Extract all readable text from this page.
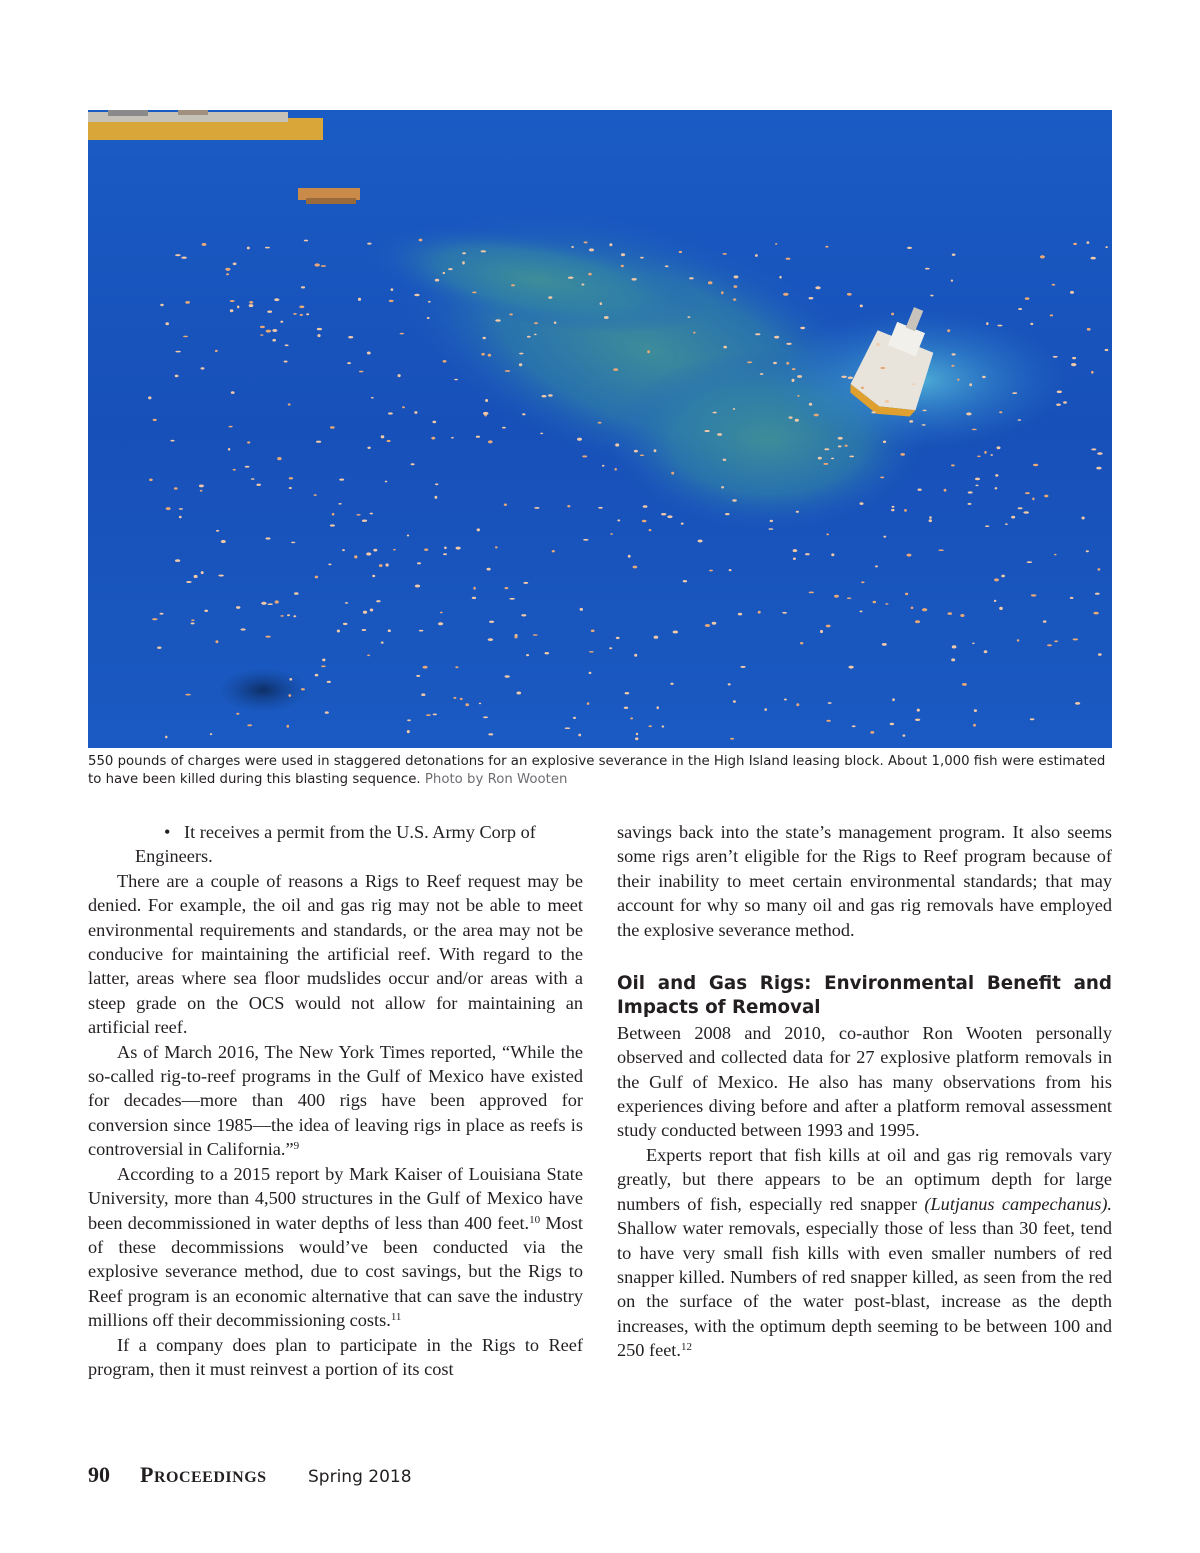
550 pounds of charges were used in staggered detonations for an explosive severance in the High Island leasing block. About 1,000 fish were estimated to have been killed during this blasting sequence. Photo by Ron Wooten

• It receives a permit from the U.S. Army Corp of Engineers.

There are a couple of reasons a Rigs to Reef request may be denied. For example, the oil and gas rig may not be able to meet environmental requirements and standards, or the area may not be conducive for maintaining the artificial reef. With regard to the latter, areas where sea floor mudslides occur and/or areas with a steep grade on the OCS would not allow for maintaining an artificial reef.

As of March 2016, The New York Times reported, “While the so-called rig-to-reef programs in the Gulf of Mexico have existed for decades—more than 400 rigs have been approved for conversion since 1985—the idea of leaving rigs in place as reefs is controversial in California.”$^9$

According to a 2015 report by Mark Kaiser of Louisiana State University, more than 4,500 structures in the Gulf of Mexico have been decommissioned in water depths of less than 400 feet.$^{10}$ Most of these decommissions would’ve been conducted via the explosive severance method, due to cost savings, but the Rigs to Reef program is an economic alternative that can save the industry millions off their decommissioning costs.$^{11}$

If a company does plan to participate in the Rigs to Reef program, then it must reinvest a portion of its cost

savings back into the state’s management program. It also seems some rigs aren’t eligible for the Rigs to Reef program because of their inability to meet certain environmental standards; that may account for why so many oil and gas rig removals have employed the explosive severance method.

Oil and Gas Rigs: Environmental Benefit and Impacts of Removal

Between 2008 and 2010, co-author Ron Wooten personally observed and collected data for 27 explosive platform removals in the Gulf of Mexico. He also has many observations from his experiences diving before and after a platform removal assessment study conducted between 1993 and 1995.

Experts report that fish kills at oil and gas rig removals vary greatly, but there appears to be an optimum depth for large numbers of fish, especially red snapper (Lutjanus campechanus). Shallow water removals, especially those of less than 30 feet, tend to have very small fish kills with even smaller numbers of red snapper killed. Numbers of red snapper killed, as seen from the red on the surface of the water post-blast, increase as the depth increases, with the optimum depth seeming to be between 100 and 250 feet.$^{12}$

90	PROCEEDINGS	Spring 2018
